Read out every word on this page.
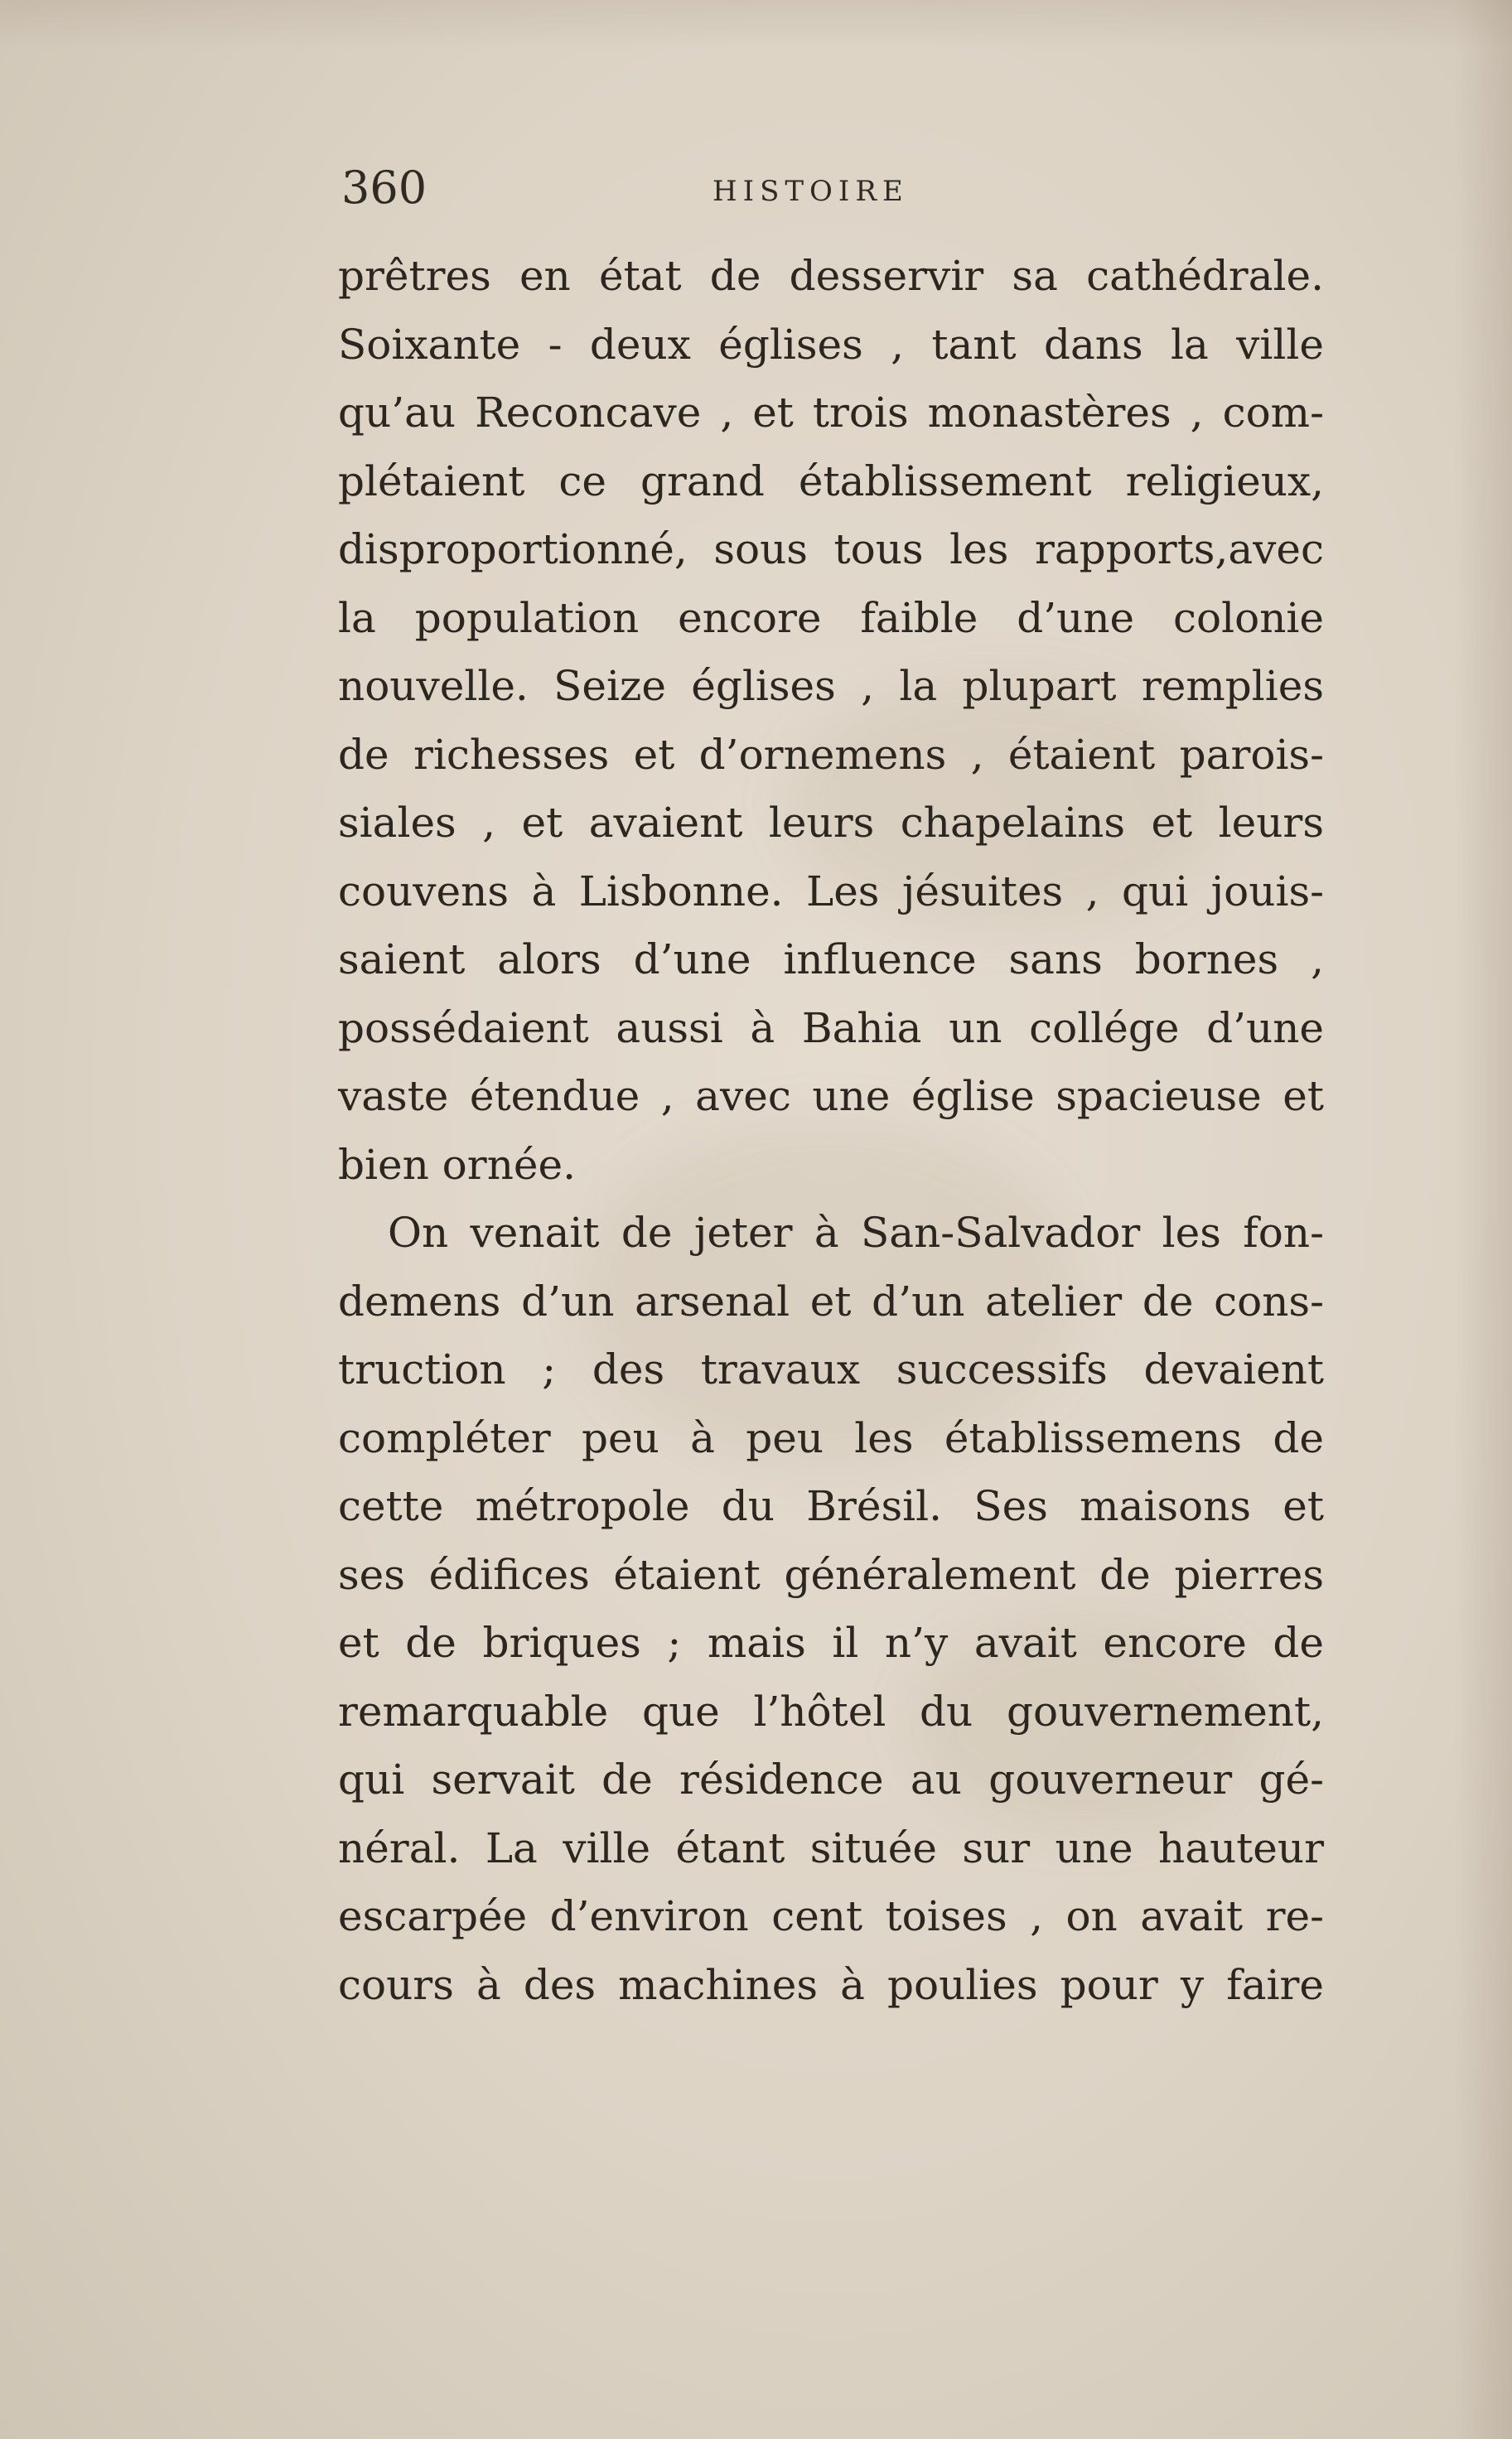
360	HISTOIRE
prêtres en état de desservir sa cathédrale.
Soixante - deux églises , tant dans la ville
qu’au Reconcave , et trois monastères , com-
plétaient ce grand établissement religieux,
disproportionné, sous tous les rapports,avec
la population encore faible d’une colonie
nouvelle. Seize églises , la plupart remplies
de richesses et d’ornemens , étaient parois-
siales , et avaient leurs chapelains et leurs
couvens à Lisbonne. Les jésuites , qui jouis-
saient alors d’une influence sans bornes ,
possédaient aussi à Bahia un collége d’une
vaste étendue , avec une église spacieuse et
bien ornée.
On venait de jeter à San-Salvador les fon-
demens d’un arsenal et d’un atelier de cons-
truction ; des travaux successifs devaient
compléter peu à peu les établissemens de
cette métropole du Brésil. Ses maisons et
ses édifices étaient généralement de pierres
et de briques ; mais il n’y avait encore de
remarquable que l’hôtel du gouvernement,
qui servait de résidence au gouverneur gé-
néral. La ville étant située sur une hauteur
escarpée d’environ cent toises , on avait re-
cours à des machines à poulies pour y faire
